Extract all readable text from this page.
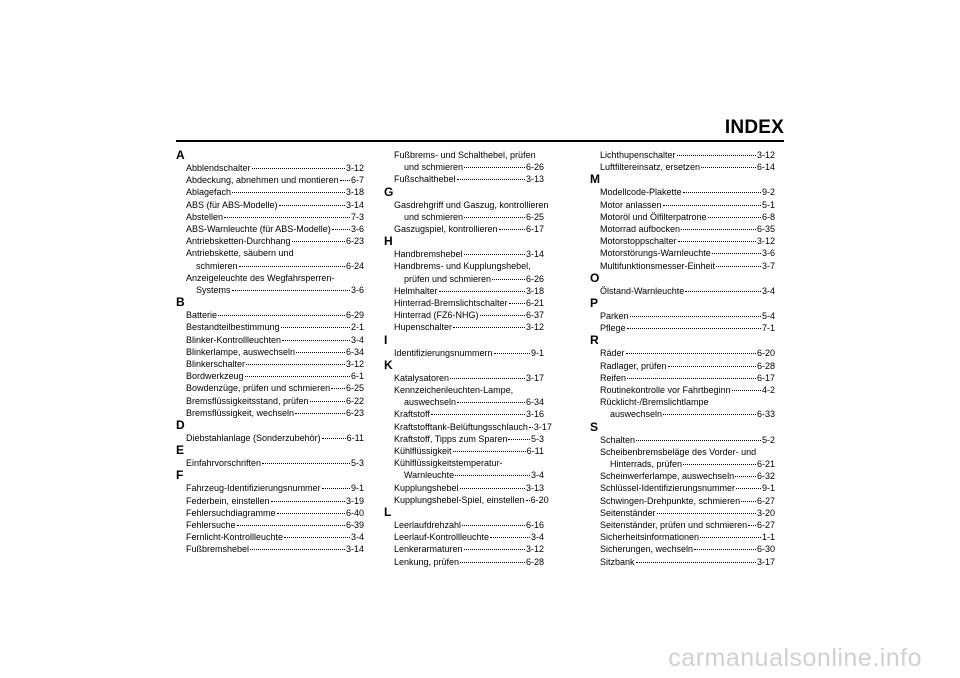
INDEX
A
Abblendschalter	3-12
Abdeckung, abnehmen und montieren 6-7
Ablagefach	3-18
ABS (für ABS-Modelle)	3-14
Abstellen	7-3
ABS-Warnleuchte (für ABS-Modelle) 3-6
Antriebsketten-Durchhang	6-23
Antriebskette, säubern und
schmieren	6-24
Anzeigeleuchte des Wegfahrsperren-
Systems	3-6
B
Batterie	6-29
Bestandteilbestimmung	2-1
Blinker-Kontrollleuchten	3-4
Blinkerlampe, auswechseln	6-34
Blinkerschalter	3-12
Bordwerkzeug	6-1
Bowdenzüge, prüfen und schmieren 6-25
Bremsflüssigkeitsstand, prüfen	6-22
Bremsflüssigkeit, wechseln	6-23
D
Diebstahlanlage (Sonderzubehör)	6-11
E
Einfahrvorschriften	5-3
F
Fahrzeug-Identifizierungsnummer	9-1
Federbein, einstellen	3-19
Fehlersuchdiagramme	6-40
Fehlersuche	6-39
Fernlicht-Kontrollleuchte	3-4
Fußbremshebel	3-14
Fußbrems- und Schalthebel, prüfen
und schmieren	6-26
Fußschalthebel	3-13
G
Gasdrehgriff und Gaszug, kontrollieren
und schmieren	6-25
Gaszugspiel, kontrollieren	6-17
H
Handbremshebel	3-14
Handbrems- und Kupplungshebel,
prüfen und schmieren	6-26
Helmhalter	3-18
Hinterrad-Bremslichtschalter 6-21
Hinterrad (FZ6-NHG)	6-37
Hupenschalter	3-12
I
Identifizierungsnummern	9-1
K
Katalysatoren	3-17
Kennzeichenleuchten-Lampe,
auswechseln	6-34
Kraftstoff	3-16
Kraftstofftank-Belüftungsschlauch 3-17
Kraftstoff, Tipps zum Sparen	5-3
Kühlflüssigkeit	6-11
Kühlflüssigkeitstemperatur-
Warnleuchte	3-4
Kupplungshebel	3-13
Kupplungshebel-Spiel, einstellen 6-20
L
Leerlaufdrehzahl	6-16
Leerlauf-Kontrollleuchte	3-4
Lenkerarmaturen	3-12
Lenkung, prüfen	6-28
Lichthupenschalter	3-12
Luftfiltereinsatz, ersetzen	6-14
M
Modellcode-Plakette	9-2
Motor anlassen	5-1
Motoröl und Ölfilterpatrone	6-8
Motorrad aufbocken	6-35
Motorstoppschalter	3-12
Motorstörungs-Warnleuchte	3-6
Multifunktionsmesser-Einheit	3-7
O
Ölstand-Warnleuchte	3-4
P
Parken	5-4
Pflege	7-1
R
Räder	6-20
Radlager, prüfen	6-28
Reifen	6-17
Routinekontrolle vor Fahrtbeginn	4-2
Rücklicht-/Bremslichtlampe
auswechseln	6-33
S
Schalten	5-2
Scheibenbremsbeläge des Vorder- und
Hinterrads, prüfen	6-21
Scheinwerferlampe, auswechseln	6-32
Schlüssel-Identifizierungsnummer	9-1
Schwingen-Drehpunkte, schmieren 6-27
Seitenständer	3-20
Seitenständer, prüfen und schmieren 6-27
Sicherheitsinformationen	1-1
Sicherungen, wechseln	6-30
Sitzbank	3-17
carmanualsonline.info
